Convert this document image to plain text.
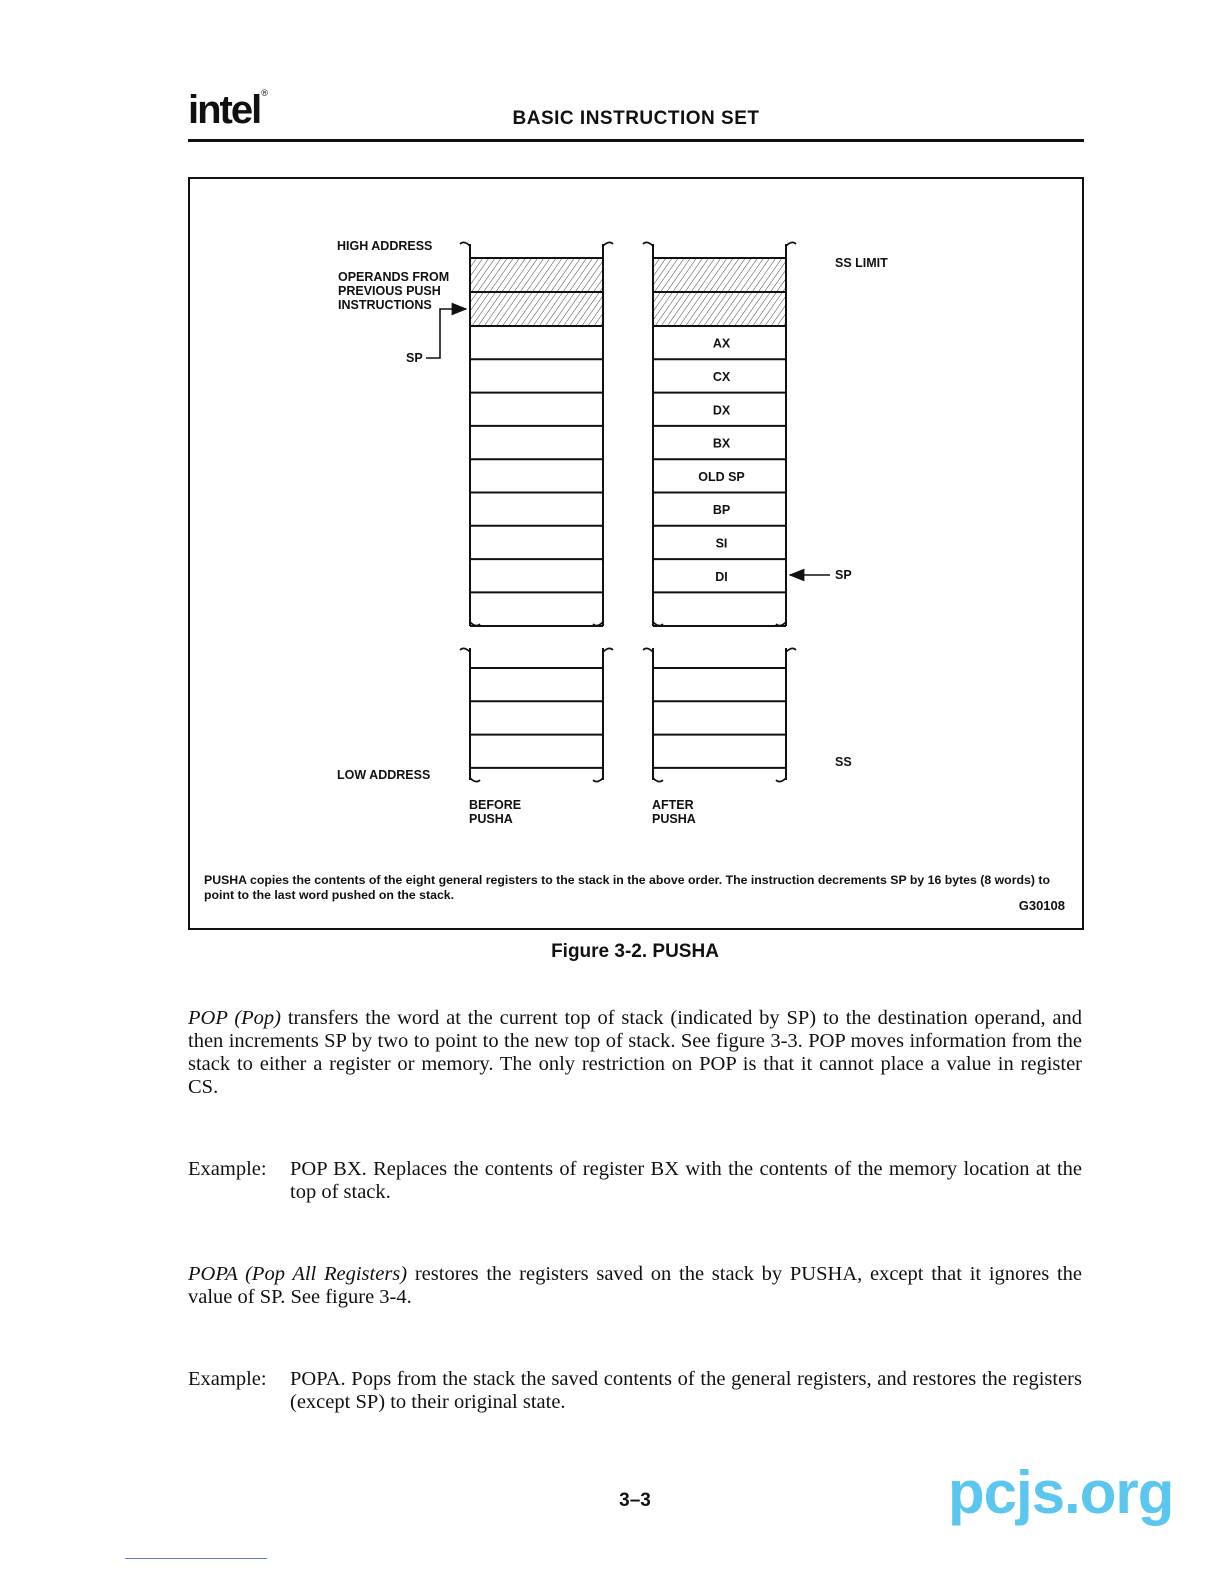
intel®
BASIC INSTRUCTION SET
HIGH ADDRESS
OPERANDS FROM
PREVIOUS PUSH
INSTRUCTIONS
SP
LOW ADDRESS
BEFORE
PUSHA
SS LIMIT
SP
SS
AFTER
PUSHA
AX
CX
DX
BX
OLD SP
BP
SI
DI
PUSHA copies the contents of the eight general registers to the stack in the above order. The instruction decrements SP by 16 bytes (8 words) to point to the last word pushed on the stack.
G30108
Figure 3-2. PUSHA
POP (Pop) transfers the word at the current top of stack (indicated by SP) to the destination operand, and then increments SP by two to point to the new top of stack. See figure 3-3. POP moves information from the stack to either a register or memory. The only restriction on POP is that it cannot place a value in register CS.
Example: POP BX. Replaces the contents of register BX with the contents of the memory location at the top of stack.
POPA (Pop All Registers) restores the registers saved on the stack by PUSHA, except that it ignores the value of SP. See figure 3-4.
Example: POPA. Pops from the stack the saved contents of the general registers, and restores the registers (except SP) to their original state.
3–3	pcjs.org
